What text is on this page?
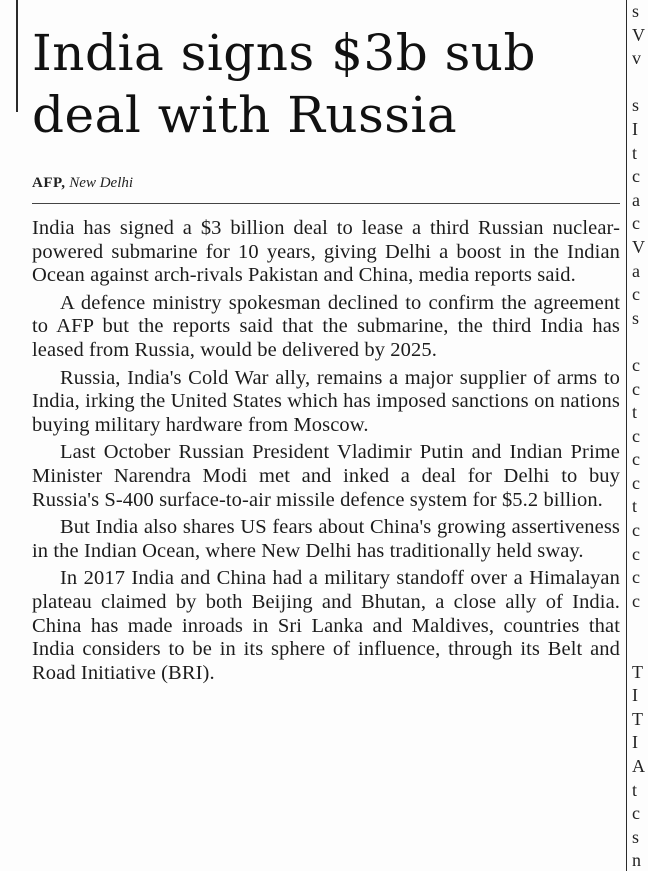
India signs $3b sub deal with Russia
AFP, New Delhi

India has signed a $3 billion deal to lease a third Russian nuclear-powered submarine for 10 years, giving Delhi a boost in the Indian Ocean against arch-rivals Pakistan and China, media reports said.

A defence ministry spokesman declined to confirm the agreement to AFP but the reports said that the submarine, the third India has leased from Russia, would be delivered by 2025.

Russia, India's Cold War ally, remains a major supplier of arms to India, irking the United States which has imposed sanctions on nations buying military hardware from Moscow.

Last October Russian President Vladimir Putin and Indian Prime Minister Narendra Modi met and inked a deal for Delhi to buy Russia's S-400 surface-to-air missile defence system for $5.2 billion.

But India also shares US fears about China's growing assertiveness in the Indian Ocean, where New Delhi has traditionally held sway.

In 2017 India and China had a military standoff over a Himalayan plateau claimed by both Beijing and Bhutan, a close ally of India. China has made inroads in Sri Lanka and Maldives, countries that India considers to be in its sphere of influence, through its Belt and Road Initiative (BRI).

s
V
v

s
I
t
c
a
c
V
a
c
s

c
c
t
c
c
c
t
c
c
c
c

T
I
T
I
A
t
c
s
n
